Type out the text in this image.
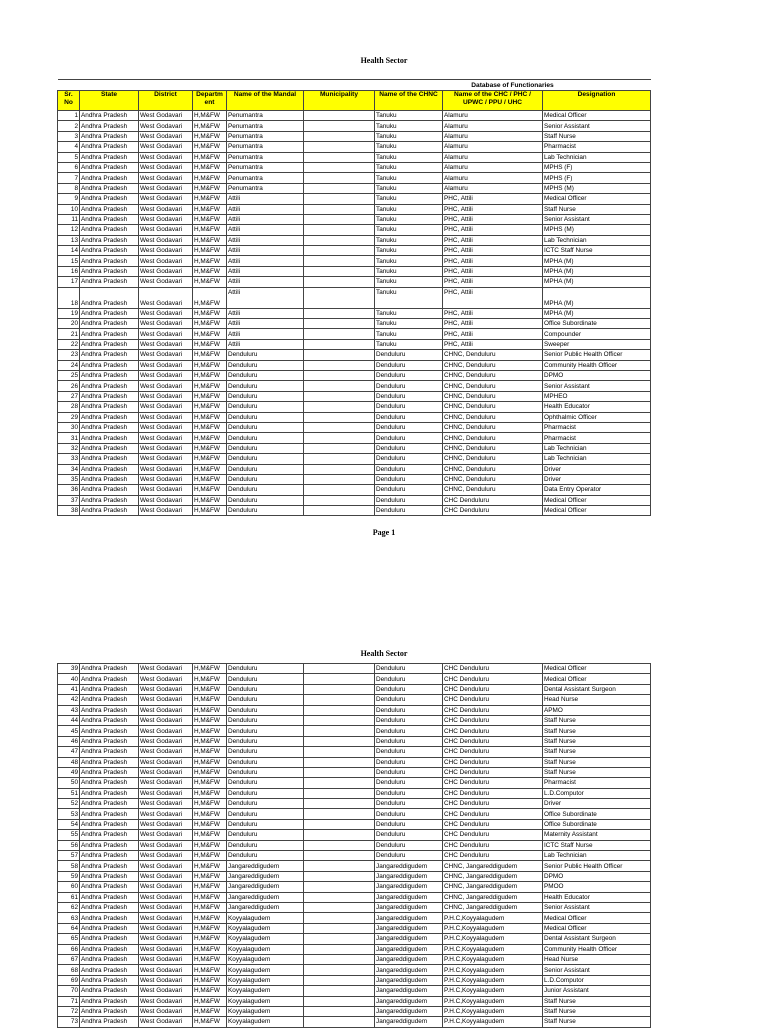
Health Sector
						Database of Functionaries		
Sr. No	State	District	Departm ent	Name of the Mandal	Municipality	Name of the CHNC	Name of the CHC / PHC / UPWC / PPU / UHC	Designation
1	Andhra Pradesh	West Godavari	H,M&FW	Penumantra		Tanuku	Alamuru	Medical Officer
2	Andhra Pradesh	West Godavari	H,M&FW	Penumantra		Tanuku	Alamuru	Senior Assistant
3	Andhra Pradesh	West Godavari	H,M&FW	Penumantra		Tanuku	Alamuru	Staff Nurse
4	Andhra Pradesh	West Godavari	H,M&FW	Penumantra		Tanuku	Alamuru	Pharmacist
5	Andhra Pradesh	West Godavari	H,M&FW	Penumantra		Tanuku	Alamuru	Lab Technician
6	Andhra Pradesh	West Godavari	H,M&FW	Penumantra		Tanuku	Alamuru	MPHS (F)
7	Andhra Pradesh	West Godavari	H,M&FW	Penumantra		Tanuku	Alamuru	MPHS (F)
8	Andhra Pradesh	West Godavari	H,M&FW	Penumantra		Tanuku	Alamuru	MPHS (M)
9	Andhra Pradesh	West Godavari	H,M&FW	Attili		Tanuku	PHC, Attili	Medical Officer
10	Andhra Pradesh	West Godavari	H,M&FW	Attili		Tanuku	PHC, Attili	Staff Nurse
11	Andhra Pradesh	West Godavari	H,M&FW	Attili		Tanuku	PHC, Attili	Senior Assistant
12	Andhra Pradesh	West Godavari	H,M&FW	Attili		Tanuku	PHC, Attili	MPHS (M)
13	Andhra Pradesh	West Godavari	H,M&FW	Attili		Tanuku	PHC, Attili	Lab Technician
14	Andhra Pradesh	West Godavari	H,M&FW	Attili		Tanuku	PHC, Attili	ICTC Staff Nurse
15	Andhra Pradesh	West Godavari	H,M&FW	Attili		Tanuku	PHC, Attili	MPHA (M)
16	Andhra Pradesh	West Godavari	H,M&FW	Attili		Tanuku	PHC, Attili	MPHA (M)
17	Andhra Pradesh	West Godavari	H,M&FW	Attili		Tanuku	PHC, Attili	MPHA (M)
18	Andhra Pradesh	West Godavari	H,M&FW	Attili		Tanuku	PHC, Attili	MPHA (M)
19	Andhra Pradesh	West Godavari	H,M&FW	Attili		Tanuku	PHC, Attili	MPHA (M)
20	Andhra Pradesh	West Godavari	H,M&FW	Attili		Tanuku	PHC, Attili	Office Subordinate
21	Andhra Pradesh	West Godavari	H,M&FW	Attili		Tanuku	PHC, Attili	Compounder
22	Andhra Pradesh	West Godavari	H,M&FW	Attili		Tanuku	PHC, Attili	Sweeper
23	Andhra Pradesh	West Godavari	H,M&FW	Denduluru		Denduluru	CHNC, Denduluru	Senior Public Health Officer
24	Andhra Pradesh	West Godavari	H,M&FW	Denduluru		Denduluru	CHNC, Denduluru	Community Health Officer
25	Andhra Pradesh	West Godavari	H,M&FW	Denduluru		Denduluru	CHNC, Denduluru	DPMO
26	Andhra Pradesh	West Godavari	H,M&FW	Denduluru		Denduluru	CHNC, Denduluru	Senior Assistant
27	Andhra Pradesh	West Godavari	H,M&FW	Denduluru		Denduluru	CHNC, Denduluru	MPHEO
28	Andhra Pradesh	West Godavari	H,M&FW	Denduluru		Denduluru	CHNC, Denduluru	Health Educator
29	Andhra Pradesh	West Godavari	H,M&FW	Denduluru		Denduluru	CHNC, Denduluru	Ophthalmic Officer
30	Andhra Pradesh	West Godavari	H,M&FW	Denduluru		Denduluru	CHNC, Denduluru	Pharmacist
31	Andhra Pradesh	West Godavari	H,M&FW	Denduluru		Denduluru	CHNC, Denduluru	Pharmacist
32	Andhra Pradesh	West Godavari	H,M&FW	Denduluru		Denduluru	CHNC, Denduluru	Lab Technician
33	Andhra Pradesh	West Godavari	H,M&FW	Denduluru		Denduluru	CHNC, Denduluru	Lab Technician
34	Andhra Pradesh	West Godavari	H,M&FW	Denduluru		Denduluru	CHNC, Denduluru	Driver
35	Andhra Pradesh	West Godavari	H,M&FW	Denduluru		Denduluru	CHNC, Denduluru	Driver
36	Andhra Pradesh	West Godavari	H,M&FW	Denduluru		Denduluru	CHNC, Denduluru	Data Entry Operator
37	Andhra Pradesh	West Godavari	H,M&FW	Denduluru		Denduluru	CHC Denduluru	Medical Officer
38	Andhra Pradesh	West Godavari	H,M&FW	Denduluru		Denduluru	CHC Denduluru	Medical Officer
Page 1
Health Sector
39	Andhra Pradesh	West Godavari	H,M&FW	Denduluru		Denduluru	CHC Denduluru	Medical Officer
40	Andhra Pradesh	West Godavari	H,M&FW	Denduluru		Denduluru	CHC Denduluru	Medical Officer
41	Andhra Pradesh	West Godavari	H,M&FW	Denduluru		Denduluru	CHC Denduluru	Dental Assistant Surgeon
42	Andhra Pradesh	West Godavari	H,M&FW	Denduluru		Denduluru	CHC Denduluru	Head Nurse
43	Andhra Pradesh	West Godavari	H,M&FW	Denduluru		Denduluru	CHC Denduluru	APMO
44	Andhra Pradesh	West Godavari	H,M&FW	Denduluru		Denduluru	CHC Denduluru	Staff Nurse
45	Andhra Pradesh	West Godavari	H,M&FW	Denduluru		Denduluru	CHC Denduluru	Staff Nurse
46	Andhra Pradesh	West Godavari	H,M&FW	Denduluru		Denduluru	CHC Denduluru	Staff Nurse
47	Andhra Pradesh	West Godavari	H,M&FW	Denduluru		Denduluru	CHC Denduluru	Staff Nurse
48	Andhra Pradesh	West Godavari	H,M&FW	Denduluru		Denduluru	CHC Denduluru	Staff Nurse
49	Andhra Pradesh	West Godavari	H,M&FW	Denduluru		Denduluru	CHC Denduluru	Staff Nurse
50	Andhra Pradesh	West Godavari	H,M&FW	Denduluru		Denduluru	CHC Denduluru	Pharmacist
51	Andhra Pradesh	West Godavari	H,M&FW	Denduluru		Denduluru	CHC Denduluru	L.D.Computor
52	Andhra Pradesh	West Godavari	H,M&FW	Denduluru		Denduluru	CHC Denduluru	Driver
53	Andhra Pradesh	West Godavari	H,M&FW	Denduluru		Denduluru	CHC Denduluru	Office Subordinate
54	Andhra Pradesh	West Godavari	H,M&FW	Denduluru		Denduluru	CHC Denduluru	Office Subordinate
55	Andhra Pradesh	West Godavari	H,M&FW	Denduluru		Denduluru	CHC Denduluru	Maternity Assistant
56	Andhra Pradesh	West Godavari	H,M&FW	Denduluru		Denduluru	CHC Denduluru	ICTC Staff Nurse
57	Andhra Pradesh	West Godavari	H,M&FW	Denduluru		Denduluru	CHC Denduluru	Lab Technician
58	Andhra Pradesh	West Godavari	H,M&FW	Jangareddigudem		Jangareddigudem	CHNC, Jangareddigudem	Senior Public Health Officer
59	Andhra Pradesh	West Godavari	H,M&FW	Jangareddigudem		Jangareddigudem	CHNC, Jangareddigudem	DPMO
60	Andhra Pradesh	West Godavari	H,M&FW	Jangareddigudem		Jangareddigudem	CHNC, Jangareddigudem	PMOO
61	Andhra Pradesh	West Godavari	H,M&FW	Jangareddigudem		Jangareddigudem	CHNC, Jangareddigudem	Health Educator
62	Andhra Pradesh	West Godavari	H,M&FW	Jangareddigudem		Jangareddigudem	CHNC, Jangareddigudem	Senior Assistant
63	Andhra Pradesh	West Godavari	H,M&FW	Koyyalagudem		Jangareddigudem	P.H.C,Koyyalagudem	Medical Officer
64	Andhra Pradesh	West Godavari	H,M&FW	Koyyalagudem		Jangareddigudem	P.H.C,Koyyalagudem	Medical Officer
65	Andhra Pradesh	West Godavari	H,M&FW	Koyyalagudem		Jangareddigudem	P.H.C,Koyyalagudem	Dental Assistant Surgeon
66	Andhra Pradesh	West Godavari	H,M&FW	Koyyalagudem		Jangareddigudem	P.H.C,Koyyalagudem	Community Health Officer
67	Andhra Pradesh	West Godavari	H,M&FW	Koyyalagudem		Jangareddigudem	P.H.C,Koyyalagudem	Head Nurse
68	Andhra Pradesh	West Godavari	H,M&FW	Koyyalagudem		Jangareddigudem	P.H.C,Koyyalagudem	Senior Assistant
69	Andhra Pradesh	West Godavari	H,M&FW	Koyyalagudem		Jangareddigudem	P.H.C,Koyyalagudem	L.D.Computor
70	Andhra Pradesh	West Godavari	H,M&FW	Koyyalagudem		Jangareddigudem	P.H.C,Koyyalagudem	Junior Assistant
71	Andhra Pradesh	West Godavari	H,M&FW	Koyyalagudem		Jangareddigudem	P.H.C,Koyyalagudem	Staff Nurse
72	Andhra Pradesh	West Godavari	H,M&FW	Koyyalagudem		Jangareddigudem	P.H.C,Koyyalagudem	Staff Nurse
73	Andhra Pradesh	West Godavari	H,M&FW	Koyyalagudem		Jangareddigudem	P.H.C,Koyyalagudem	Staff Nurse
